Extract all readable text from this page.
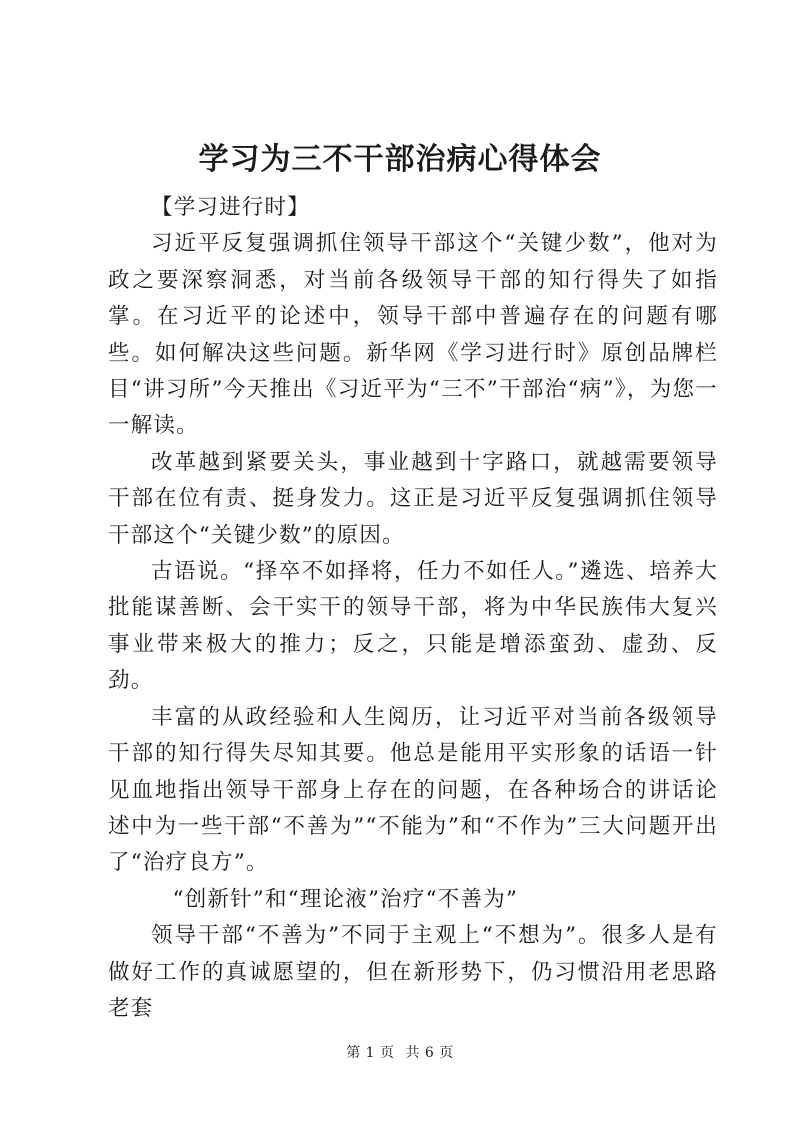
学习为三不干部治病心得体会

【学习进行时】

习近平反复强调抓住领导干部这个“关键少数”，他对为政之要深察洞悉，对当前各级领导干部的知行得失了如指掌。在习近平的论述中，领导干部中普遍存在的问题有哪些。如何解决这些问题。新华网《学习进行时》原创品牌栏目“讲习所”今天推出《习近平为“三不”干部治“病”》，为您一一解读。

改革越到紧要关头，事业越到十字路口，就越需要领导干部在位有责、挺身发力。这正是习近平反复强调抓住领导干部这个“关键少数”的原因。

古语说。“择卒不如择将，任力不如任人。”遴选、培养大批能谋善断、会干实干的领导干部，将为中华民族伟大复兴事业带来极大的推力；反之，只能是增添蛮劲、虚劲、反劲。

丰富的从政经验和人生阅历，让习近平对当前各级领导干部的知行得失尽知其要。他总是能用平实形象的话语一针见血地指出领导干部身上存在的问题，在各种场合的讲话论述中为一些干部“不善为”“不能为”和“不作为”三大问题开出了“治疗良方”。

“创新针”和“理论液”治疗“不善为”

领导干部“不善为”不同于主观上“不想为”。很多人是有做好工作的真诚愿望的，但在新形势下，仍习惯沿用老思路老套

第 1 页 共 6 页
